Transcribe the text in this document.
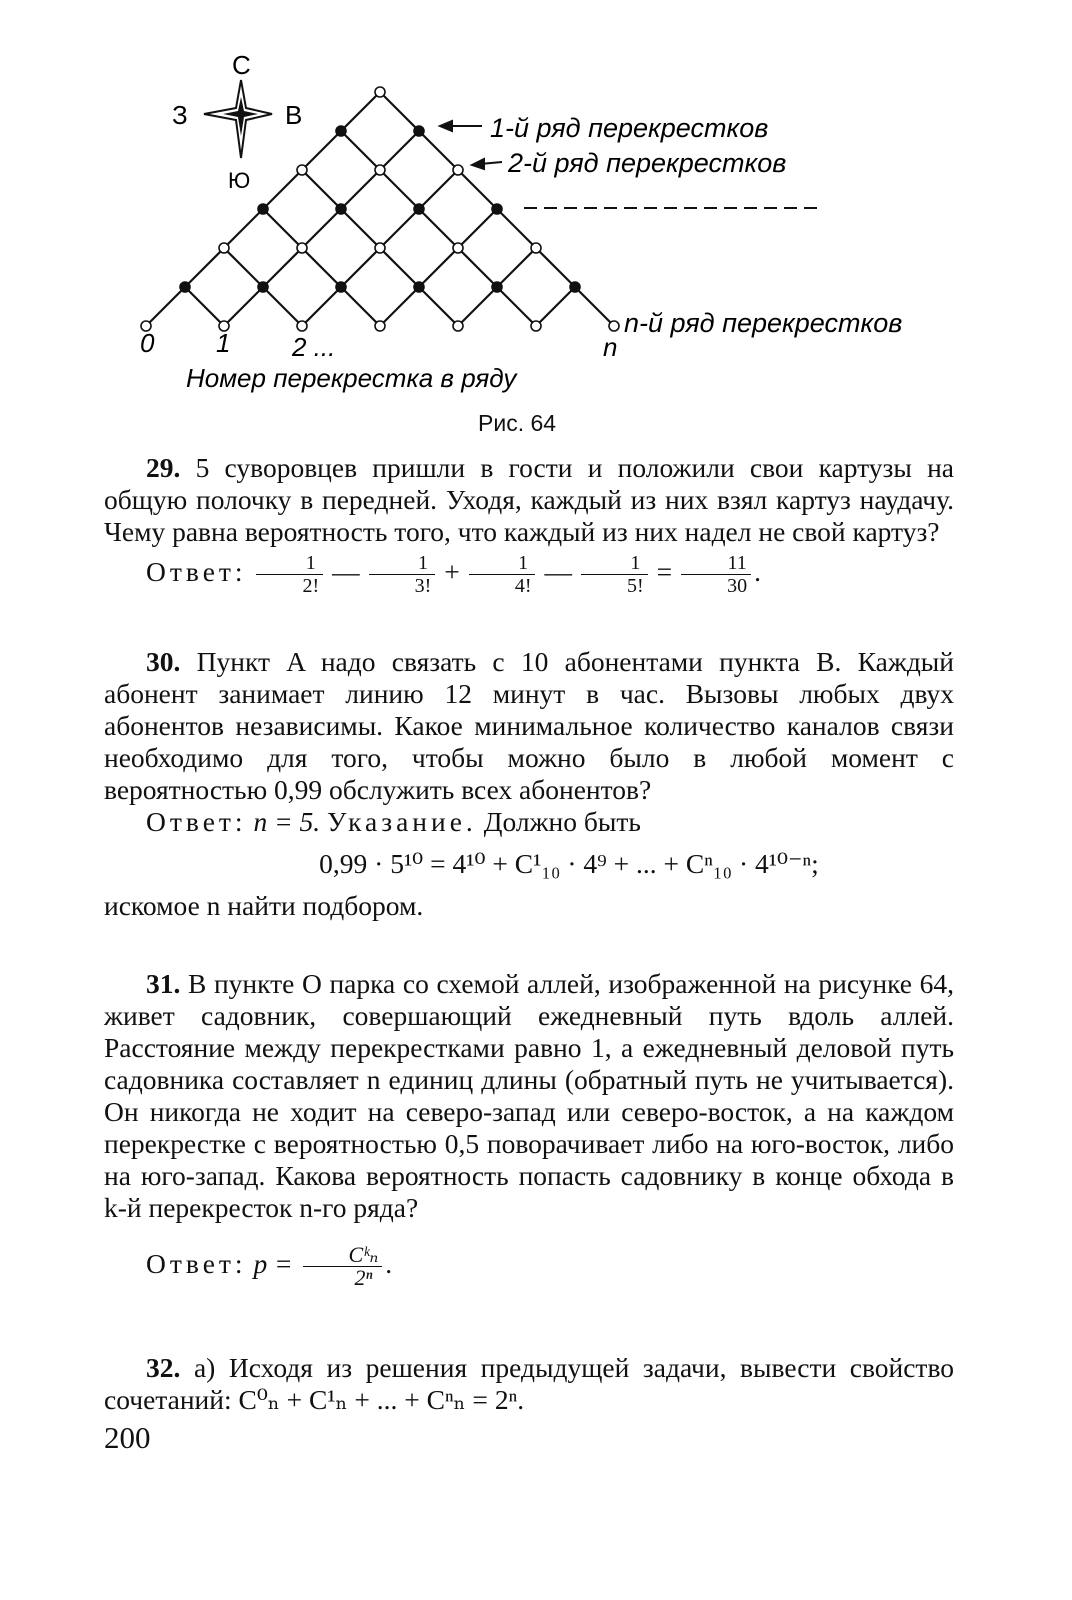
С
З	В
Ю
1-й ряд перекрестков
2-й ряд перекрестков
n-й ряд перекрестков
0 1 2 ...	n
Номер перекрестка в ряду
Рис. 64

29. 5 суворовцев пришли в гости и положили свои картузы на общую полочку в передней. Уходя, каждый из них взял картуз наудачу. Чему равна вероятность того, что каждый из них надел не свой картуз?

Ответ: $\frac{1}{2!}$ — $\frac{1}{3!} + \frac{1}{4!}$ — $\frac{1}{5!} = \frac{11}{30}$ .

30. Пункт A надо связать с 10 абонентами пункта B. Каждый абонент занимает линию 12 минут в час. Вызовы любых двух абонентов независимы. Какое минимальное количество каналов связи необходимо для того, чтобы можно было в любой момент с вероятностью 0,99 обслужить всех абонентов?

Ответ: n = 5. Указание. Должно быть

0,99 · 5¹⁰ = 4¹⁰ + C¹₁₀ · 4⁹ + ... + Cⁿ₁₀ · 4¹⁰⁻ⁿ;

искомое n найти подбором.

31. В пункте O парка со схемой аллей, изображенной на рисунке 64, живет садовник, совершающий ежедневный путь вдоль аллей. Расстояние между перекрестками равно 1, а ежедневный деловой путь садовника составляет n единиц длины (обратный путь не учитывается). Он никогда не ходит на северо-запад или северо-восток, а на каждом перекрестке с вероятностью 0,5 поворачивает либо на юго-восток, либо на юго-запад. Какова вероятность попасть садовнику в конце обхода в k-й перекресток n-го ряда?

Ответ: $p = \frac{\text{Cᵏₙ}}{\text{2ⁿ}}$ .

32. а) Исходя из решения предыдущей задачи, вывести свойство сочетаний: C⁰ₙ + C¹ₙ + ... + Cⁿₙ = 2ⁿ.

200
